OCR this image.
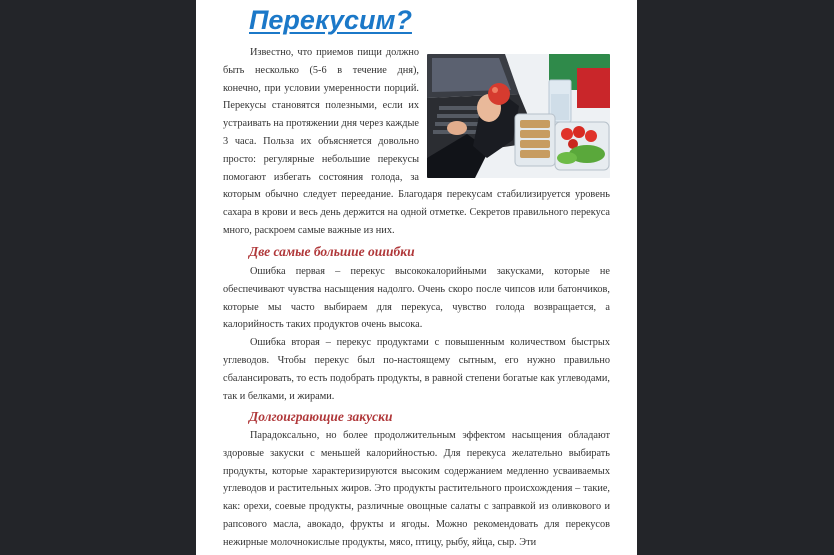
Перекусим?

Известно, что приемов пищи должно быть несколько (5-6 в течение дня), конечно, при условии умеренности порций. Перекусы становятся полезными, если их устраивать на протяжении дня через каждые 3 часа. Польза их объясняется довольно просто: регулярные небольшие перекусы помогают избегать состояния голода, за которым обычно следует переедание. Благодаря перекусам стабилизируется уровень сахара в крови и весь день держится на одной отметке. Секретов правильного перекуса много, раскроем самые важные из них.

Две самые большие ошибки

Ошибка первая – перекус высококалорийными закусками, которые не обеспечивают чувства насыщения надолго. Очень скоро после чипсов или батончиков, которые мы часто выбираем для перекуса, чувство голода возвращается, а калорийность таких продуктов очень высока.

Ошибка вторая – перекус продуктами с повышенным количеством быстрых углеводов. Чтобы перекус был по-настоящему сытным, его нужно правильно сбалансировать, то есть подобрать продукты, в равной степени богатые как углеводами, так и белками, и жирами.

Долгоиграющие закуски

Парадоксально, но более продолжительным эффектом насыщения обладают здоровые закуски с меньшей калорийностью. Для перекуса желательно выбирать продукты, которые характеризируются высоким содержанием медленно усваиваемых углеводов и растительных жиров. Это продукты растительного происхождения – такие, как: орехи, соевые продукты, различные овощные салаты с заправкой из оливкового и рапсового масла, авокадо, фрукты и ягоды. Можно рекомендовать для перекусов нежирные молочнокислые продукты, мясо, птицу, рыбу, яйца, сыр. Эти
